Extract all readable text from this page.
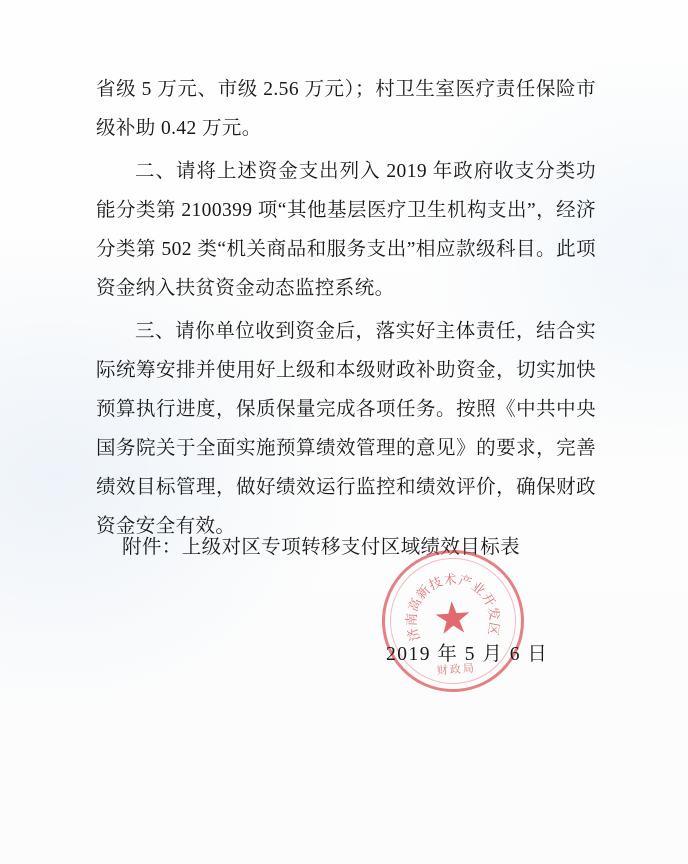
省级 5 万元、市级 2.56 万元）；村卫生室医疗责任保险市级补助 0.42 万元。

二、请将上述资金支出列入 2019 年政府收支分类功能分类第 2100399 项“其他基层医疗卫生机构支出”，经济分类第 502 类“机关商品和服务支出”相应款级科目。此项资金纳入扶贫资金动态监控系统。

三、请你单位收到资金后，落实好主体责任，结合实际统筹安排并使用好上级和本级财政补助资金，切实加快预算执行进度，保质保量完成各项任务。按照《中共中央 国务院关于全面实施预算绩效管理的意见》的要求，完善绩效目标管理，做好绩效运行监控和绩效评价，确保财政资金安全有效。

附件：上级对区专项转移支付区域绩效目标表
济
南
高
新
技
术 产
业
开
发
区
★
财政局
2019 年 5 月 6 日
